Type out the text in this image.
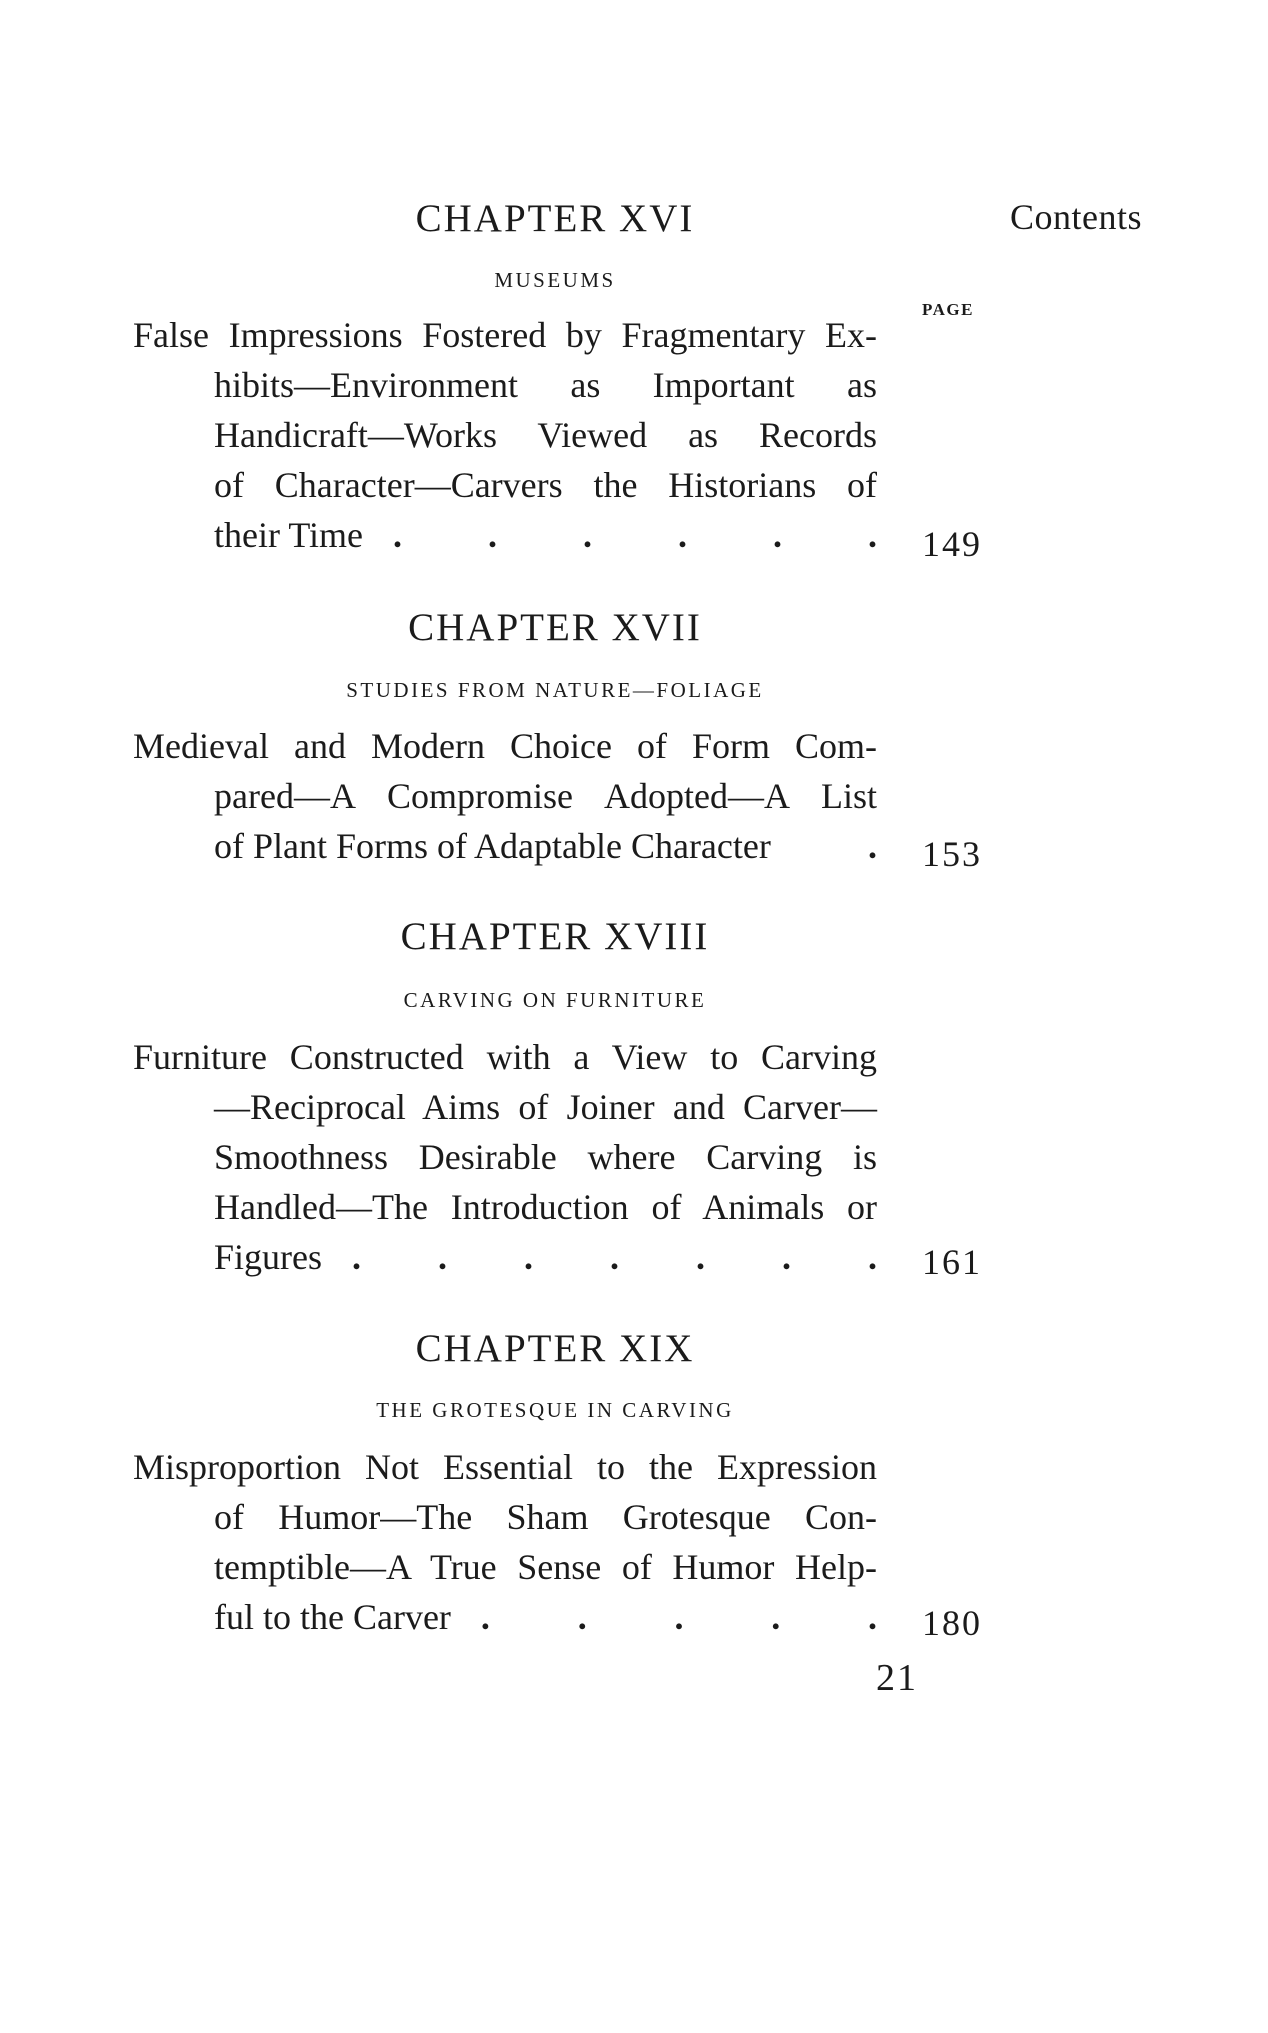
Contents
PAGE
CHAPTER XVI
MUSEUMS
False Impressions Fostered by Fragmentary Ex-
hibits—Environment as Important as
Handicraft—Works Viewed as Records
of Character—Carvers the Historians of
their Time . . . . . . 149
CHAPTER XVII
STUDIES FROM NATURE—FOLIAGE
Medieval and Modern Choice of Form Com-
pared—A Compromise Adopted—A List
of Plant Forms of Adaptable Character	. 153
CHAPTER XVIII
CARVING ON FURNITURE
Furniture Constructed with a View to Carving
—Reciprocal Aims of Joiner and Carver—
Smoothness Desirable where Carving is
Handled—The Introduction of Animals or
Figures . . . . . . . 161
CHAPTER XIX
THE GROTESQUE IN CARVING
Misproportion Not Essential to the Expression
of Humor—The Sham Grotesque Con-
temptible—A True Sense of Humor Help-
ful to the Carver . . . . . 180
21
